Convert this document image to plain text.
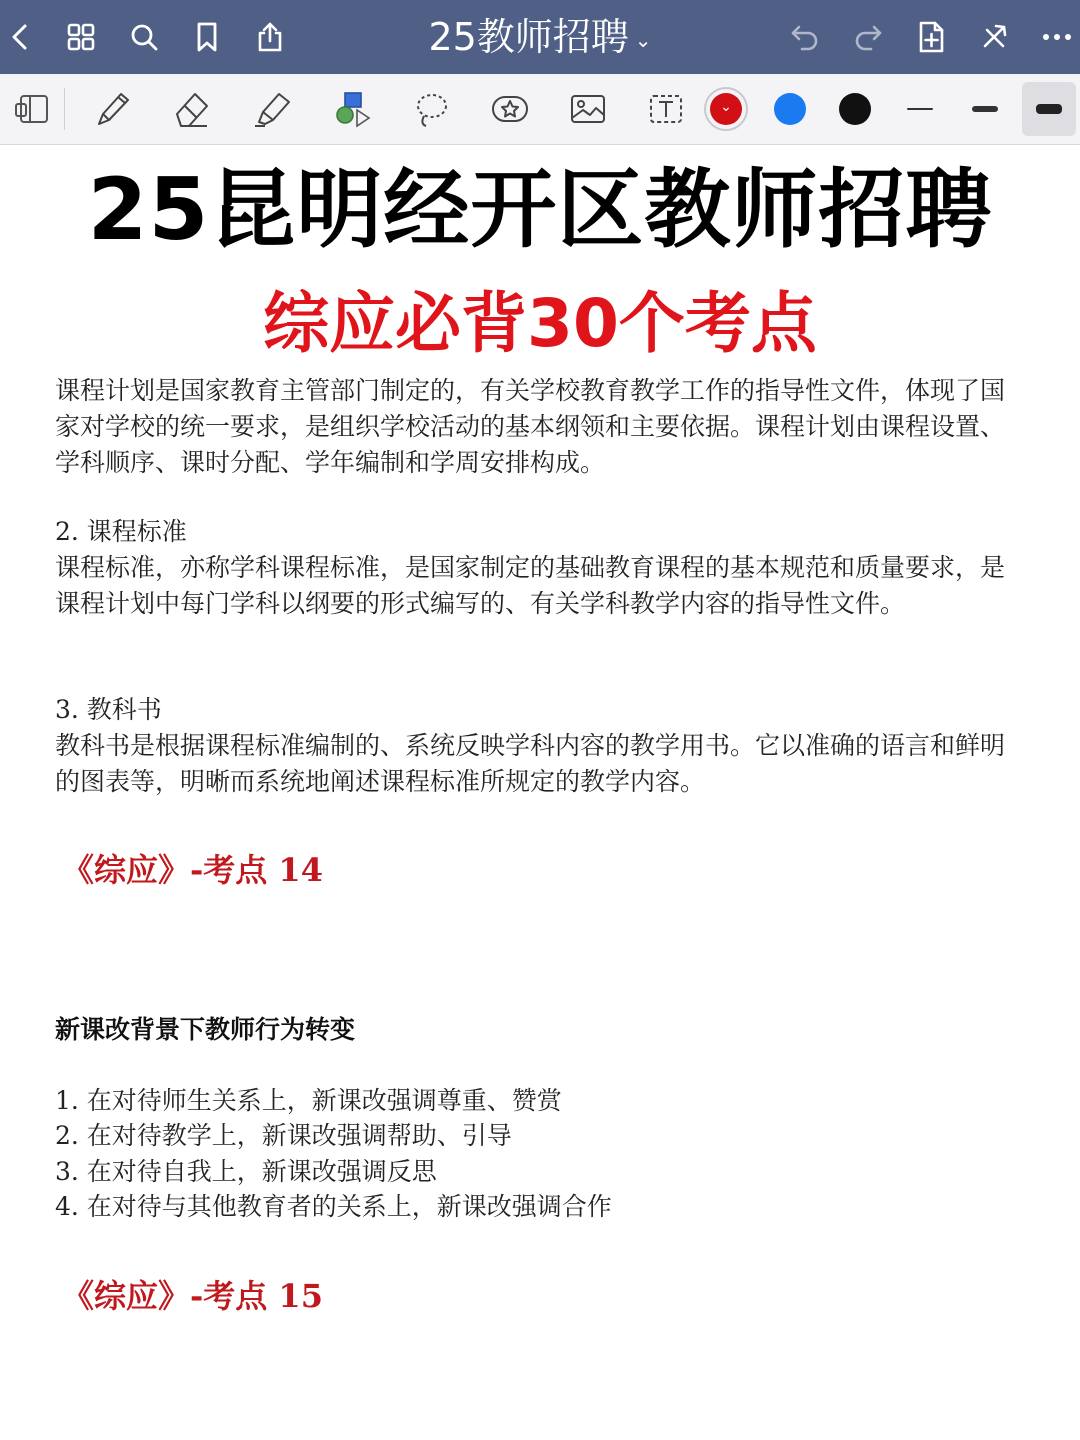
25教师招聘 ⌄
⌄
25昆明经开区教师招聘
综应必背30个考点

课程计划是国家教育主管部门制定的，有关学校教育教学工作的指导性文件，体现了国家对学校的统一要求，是组织学校活动的基本纲领和主要依据。课程计划由课程设置、学科顺序、课时分配、学年编制和学周安排构成。

2. 课程标准

课程标准，亦称学科课程标准，是国家制定的基础教育课程的基本规范和质量要求，是课程计划中每门学科以纲要的形式编写的、有关学科教学内容的指导性文件。

3. 教科书

教科书是根据课程标准编制的、系统反映学科内容的教学用书。它以准确的语言和鲜明的图表等，明晰而系统地阐述课程标准所规定的教学内容。

《综应》-考点 14

新课改背景下教师行为转变

1. 在对待师生关系上，新课改强调尊重、赞赏

2. 在对待教学上，新课改强调帮助、引导

3. 在对待自我上，新课改强调反思

4. 在对待与其他教育者的关系上，新课改强调合作

《综应》-考点 15
